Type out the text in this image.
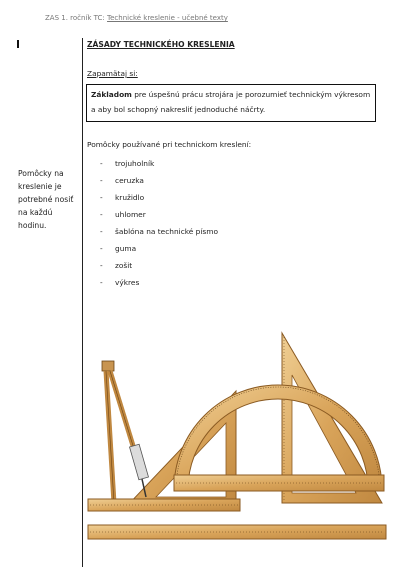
ZAS 1. ročník TC: Technické kreslenie - učebné texty
Pomôcky na kreslenie je potrebné nosiť na každú hodinu.

ZÁSADY TECHNICKÉHO KRESLENIA

Zapamätaj si:
Základom pre úspešnú prácu strojára je porozumieť technickým výkresom a aby bol schopný nakresliť jednoduché náčrty.
Pomôcky používané pri technickom kreslení:
- trojuholník
- ceruzka
- kružidlo
- uhlomer
- šablóna na technické písmo
- guma
- zošit
- výkres
